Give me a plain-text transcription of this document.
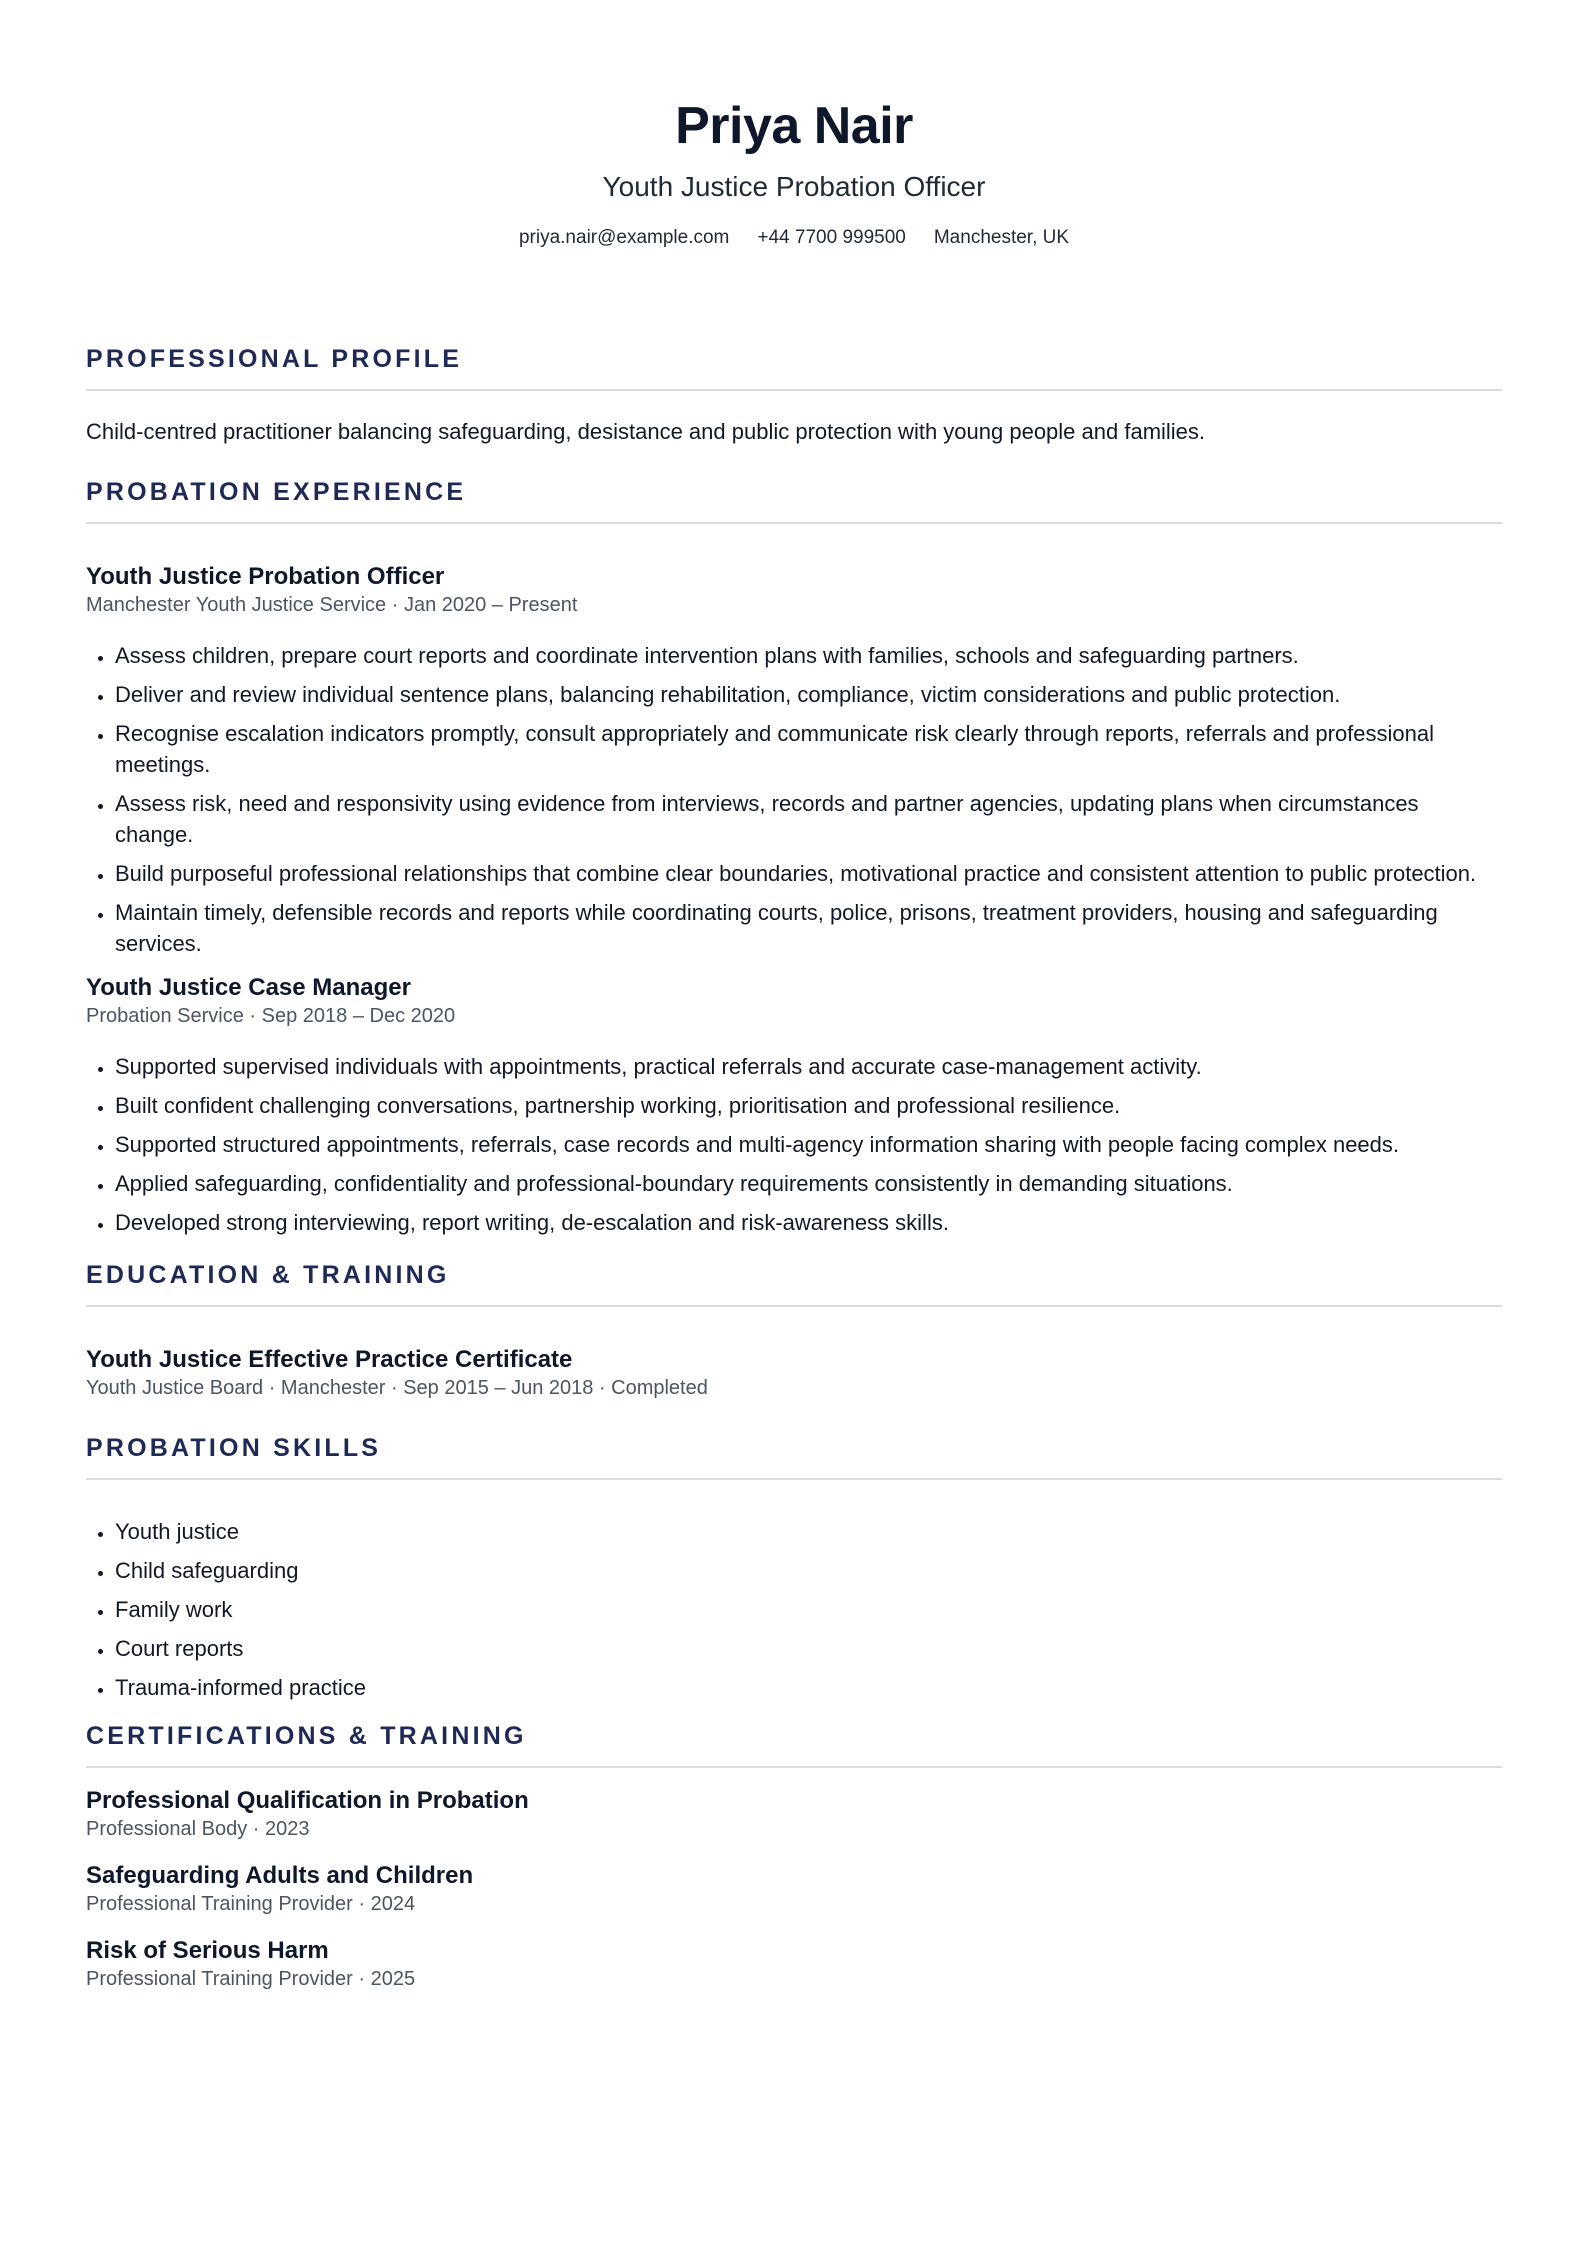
Priya Nair
Youth Justice Probation Officer
priya.nair@example.com +44 7700 999500 Manchester, UK
PROFESSIONAL PROFILE
Child-centred practitioner balancing safeguarding, desistance and public protection with young people and families.
PROBATION EXPERIENCE
Youth Justice Probation Officer
Manchester Youth Justice Service · Jan 2020 – Present
• Assess children, prepare court reports and coordinate intervention plans with families, schools and safeguarding partners.
• Deliver and review individual sentence plans, balancing rehabilitation, compliance, victim considerations and public protection.
• Recognise escalation indicators promptly, consult appropriately and communicate risk clearly through reports, referrals and professional meetings.
• Assess risk, need and responsivity using evidence from interviews, records and partner agencies, updating plans when circumstances change.
• Build purposeful professional relationships that combine clear boundaries, motivational practice and consistent attention to public protection.
• Maintain timely, defensible records and reports while coordinating courts, police, prisons, treatment providers, housing and safeguarding services.
Youth Justice Case Manager
Probation Service · Sep 2018 – Dec 2020
• Supported supervised individuals with appointments, practical referrals and accurate case-management activity.
• Built confident challenging conversations, partnership working, prioritisation and professional resilience.
• Supported structured appointments, referrals, case records and multi-agency information sharing with people facing complex needs.
• Applied safeguarding, confidentiality and professional-boundary requirements consistently in demanding situations.
• Developed strong interviewing, report writing, de-escalation and risk-awareness skills.
EDUCATION & TRAINING
Youth Justice Effective Practice Certificate
Youth Justice Board · Manchester · Sep 2015 – Jun 2018 · Completed
PROBATION SKILLS
• Youth justice
• Child safeguarding
• Family work
• Court reports
• Trauma-informed practice
CERTIFICATIONS & TRAINING
Professional Qualification in Probation
Professional Body · 2023
Safeguarding Adults and Children
Professional Training Provider · 2024
Risk of Serious Harm
Professional Training Provider · 2025
